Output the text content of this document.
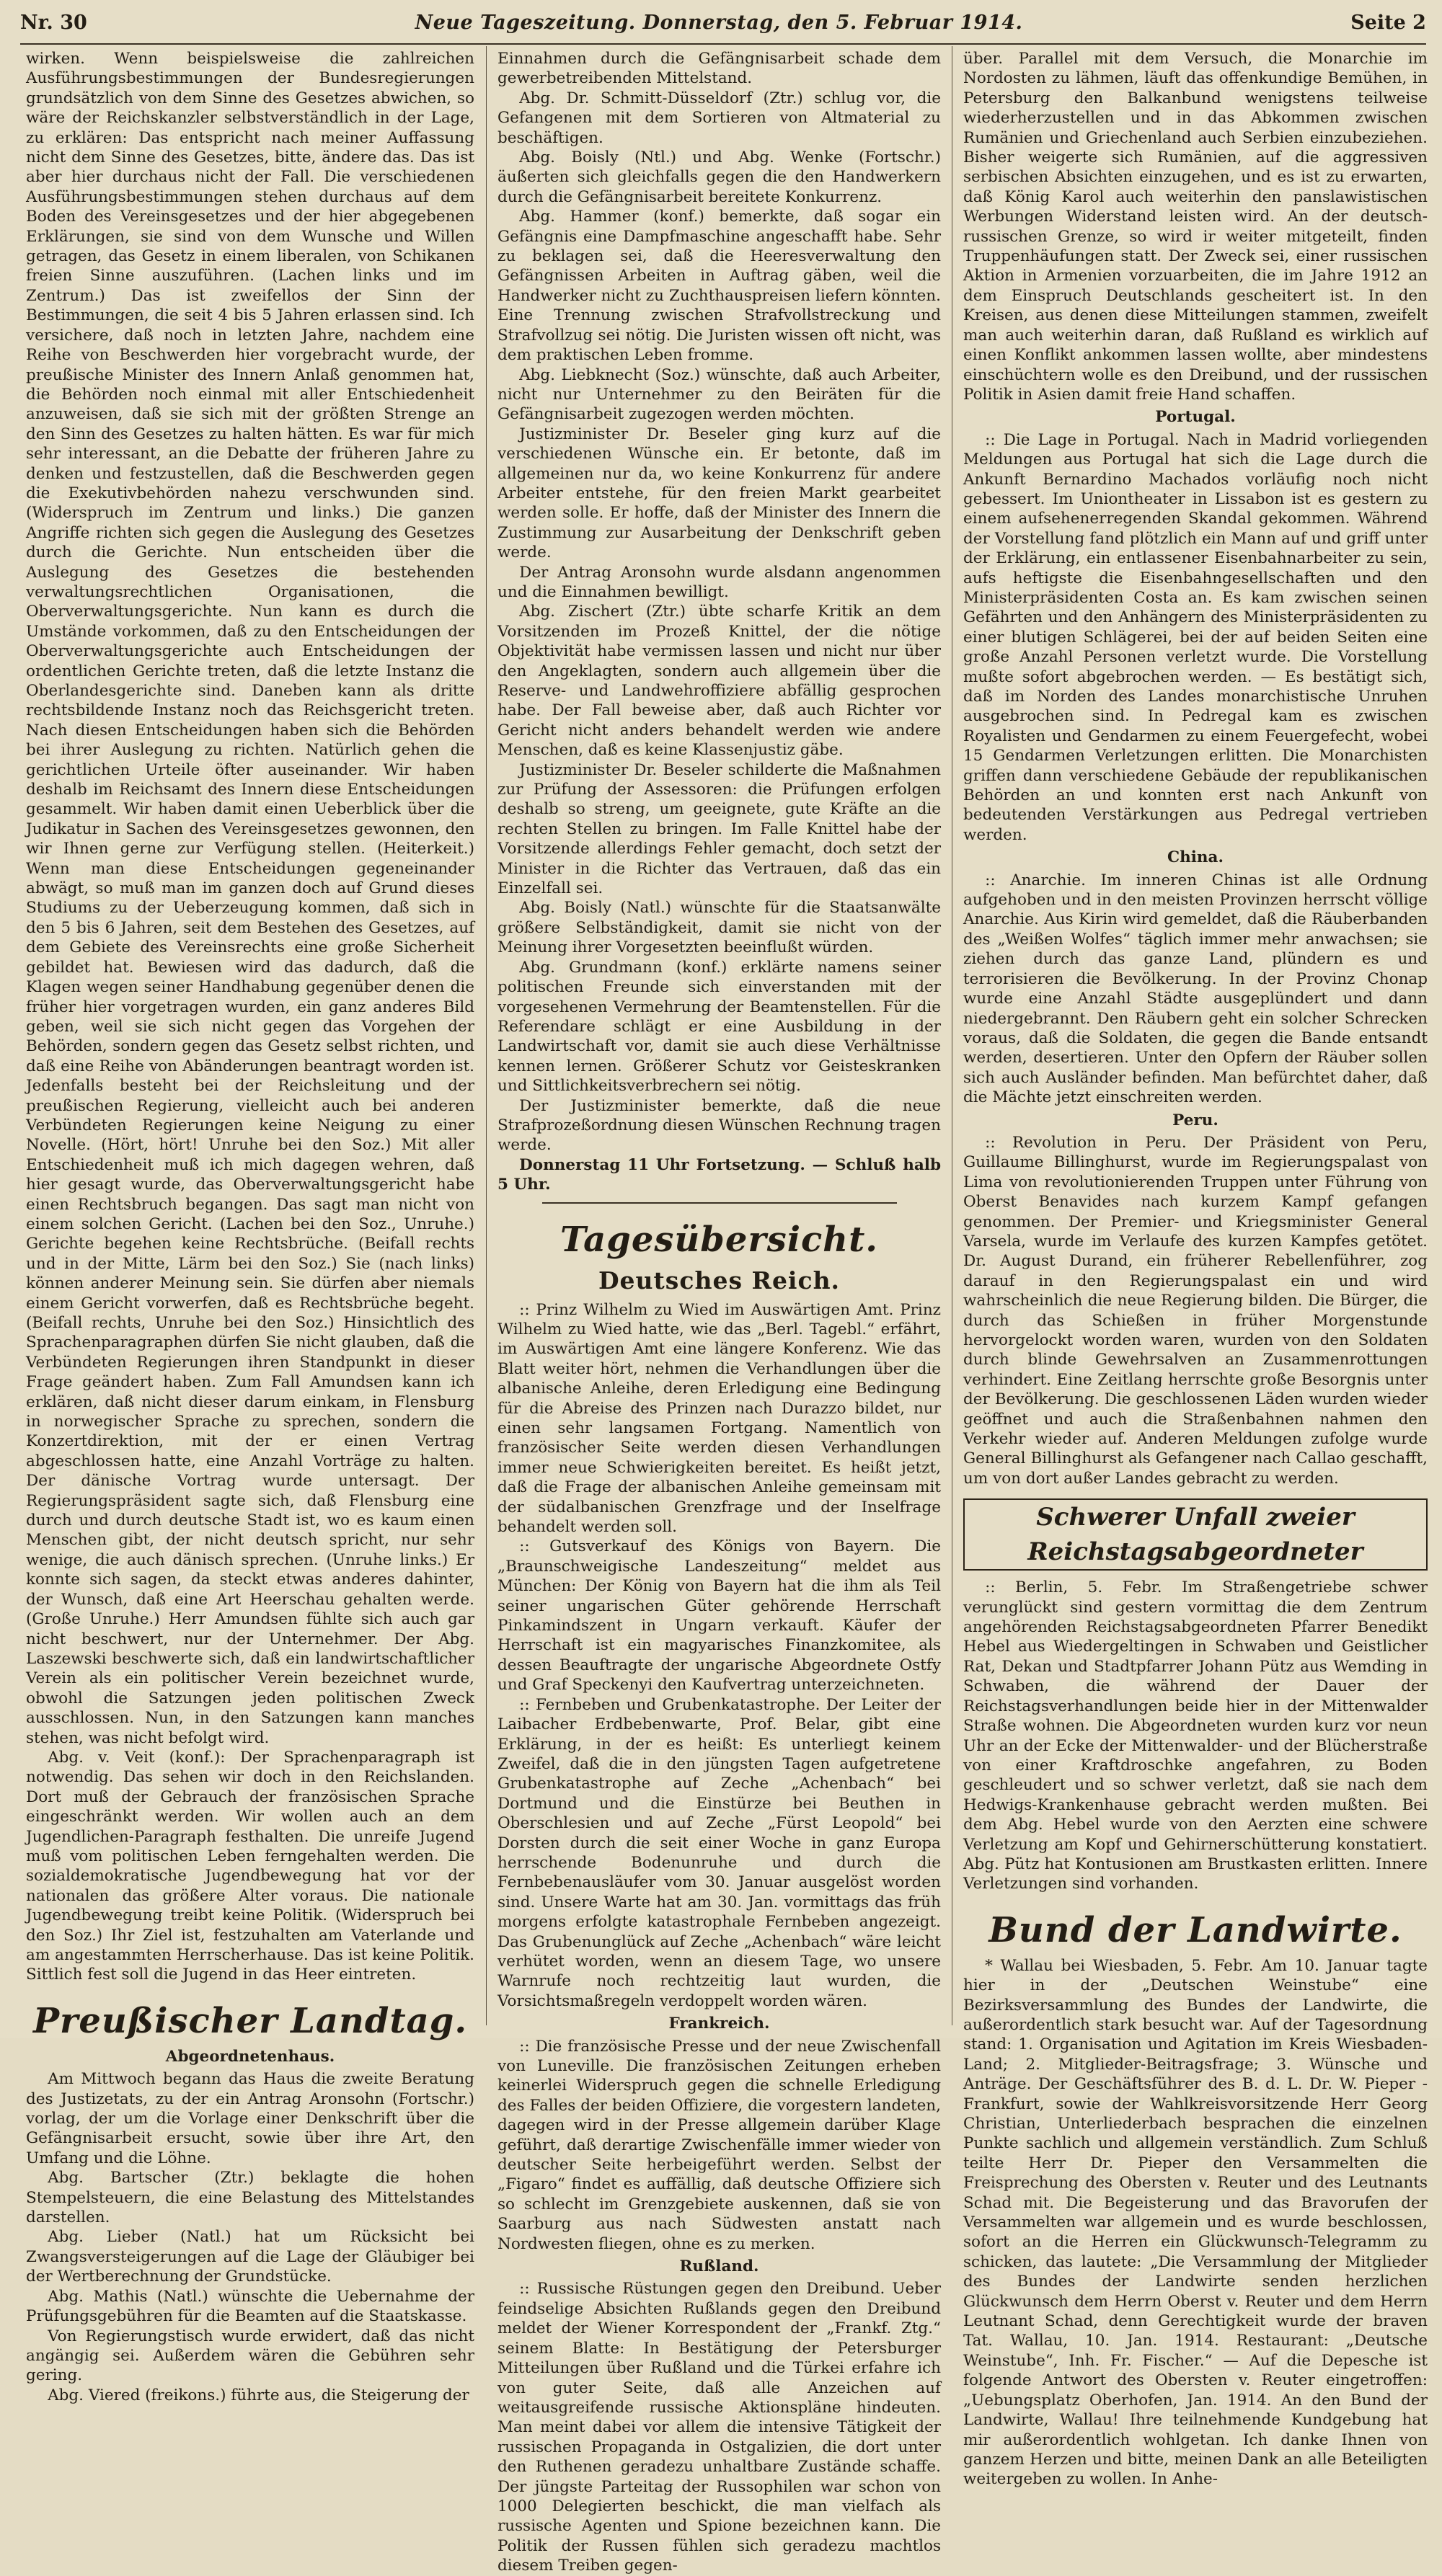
Nr. 30	Neue Tageszeitung. Donnerstag, den 5. Februar 1914.	Seite 2

wirken. Wenn beispielsweise die zahlreichen Ausführungsbestimmungen der Bundesregierungen grundsätzlich von dem Sinne des Gesetzes abwichen, so wäre der Reichskanzler selbstverständlich in der Lage, zu erklären: Das entspricht nach meiner Auffassung nicht dem Sinne des Gesetzes, bitte, ändere das. Das ist aber hier durchaus nicht der Fall. Die verschiedenen Ausführungsbestimmungen stehen durchaus auf dem Boden des Vereinsgesetzes und der hier abgegebenen Erklärungen, sie sind von dem Wunsche und Willen getragen, das Gesetz in einem liberalen, von Schikanen freien Sinne auszuführen. (Lachen links und im Zentrum.) Das ist zweifellos der Sinn der Bestimmungen, die seit 4 bis 5 Jahren erlassen sind. Ich versichere, daß noch in letzten Jahre, nachdem eine Reihe von Beschwerden hier vorgebracht wurde, der preußische Minister des Innern Anlaß genommen hat, die Behörden noch einmal mit aller Entschiedenheit anzuweisen, daß sie sich mit der größten Strenge an den Sinn des Gesetzes zu halten hätten. Es war für mich sehr interessant, an die Debatte der früheren Jahre zu denken und festzustellen, daß die Beschwerden gegen die Exekutivbehörden nahezu verschwunden sind. (Widerspruch im Zentrum und links.) Die ganzen Angriffe richten sich gegen die Auslegung des Gesetzes durch die Gerichte. Nun entscheiden über die Auslegung des Gesetzes die bestehenden verwaltungsrechtlichen Organisationen, die Oberverwaltungsgerichte. Nun kann es durch die Umstände vorkommen, daß zu den Entscheidungen der Oberverwaltungsgerichte auch Entscheidungen der ordentlichen Gerichte treten, daß die letzte Instanz die Oberlandesgerichte sind. Daneben kann als dritte rechtsbildende Instanz noch das Reichsgericht treten. Nach diesen Entscheidungen haben sich die Behörden bei ihrer Auslegung zu richten. Natürlich gehen die gerichtlichen Urteile öfter auseinander. Wir haben deshalb im Reichsamt des Innern diese Entscheidungen gesammelt. Wir haben damit einen Ueberblick über die Judikatur in Sachen des Vereinsgesetzes gewonnen, den wir Ihnen gerne zur Verfügung stellen. (Heiterkeit.) Wenn man diese Entscheidungen gegeneinander abwägt, so muß man im ganzen doch auf Grund dieses Studiums zu der Ueberzeugung kommen, daß sich in den 5 bis 6 Jahren, seit dem Bestehen des Gesetzes, auf dem Gebiete des Vereinsrechts eine große Sicherheit gebildet hat. Bewiesen wird das dadurch, daß die Klagen wegen seiner Handhabung gegenüber denen die früher hier vorgetragen wurden, ein ganz anderes Bild geben, weil sie sich nicht gegen das Vorgehen der Behörden, sondern gegen das Gesetz selbst richten, und daß eine Reihe von Abänderungen beantragt worden ist. Jedenfalls besteht bei der Reichsleitung und der preußischen Regierung, vielleicht auch bei anderen Verbündeten Regierungen keine Neigung zu einer Novelle. (Hört, hört! Unruhe bei den Soz.) Mit aller Entschiedenheit muß ich mich dagegen wehren, daß hier gesagt wurde, das Oberverwaltungsgericht habe einen Rechtsbruch begangen. Das sagt man nicht von einem solchen Gericht. (Lachen bei den Soz., Unruhe.) Gerichte begehen keine Rechtsbrüche. (Beifall rechts und in der Mitte, Lärm bei den Soz.) Sie (nach links) können anderer Meinung sein. Sie dürfen aber niemals einem Gericht vorwerfen, daß es Rechtsbrüche begeht. (Beifall rechts, Unruhe bei den Soz.) Hinsichtlich des Sprachenparagraphen dürfen Sie nicht glauben, daß die Verbündeten Regierungen ihren Standpunkt in dieser Frage geändert haben. Zum Fall Amundsen kann ich erklären, daß nicht dieser darum einkam, in Flensburg in norwegischer Sprache zu sprechen, sondern die Konzertdirektion, mit der er einen Vertrag abgeschlossen hatte, eine Anzahl Vorträge zu halten. Der dänische Vortrag wurde untersagt. Der Regierungspräsident sagte sich, daß Flensburg eine durch und durch deutsche Stadt ist, wo es kaum einen Menschen gibt, der nicht deutsch spricht, nur sehr wenige, die auch dänisch sprechen. (Unruhe links.) Er konnte sich sagen, da steckt etwas anderes dahinter, der Wunsch, daß eine Art Heerschau gehalten werde. (Große Unruhe.) Herr Amundsen fühlte sich auch gar nicht beschwert, nur der Unternehmer. Der Abg. Laszewski beschwerte sich, daß ein landwirtschaftlicher Verein als ein politischer Verein bezeichnet wurde, obwohl die Satzungen jeden politischen Zweck ausschlossen. Nun, in den Satzungen kann manches stehen, was nicht befolgt wird.

Abg. v. Veit (konf.): Der Sprachenparagraph ist notwendig. Das sehen wir doch in den Reichslanden. Dort muß der Gebrauch der französischen Sprache eingeschränkt werden. Wir wollen auch an dem Jugendlichen-Paragraph festhalten. Die unreife Jugend muß vom politischen Leben ferngehalten werden. Die sozialdemokratische Jugendbewegung hat vor der nationalen das größere Alter voraus. Die nationale Jugendbewegung treibt keine Politik. (Widerspruch bei den Soz.) Ihr Ziel ist, festzuhalten am Vaterlande und am angestammten Herrscherhause. Das ist keine Politik. Sittlich fest soll die Jugend in das Heer eintreten.

Preußischer Landtag.

Abgeordnetenhaus.

Am Mittwoch begann das Haus die zweite Beratung des Justizetats, zu der ein Antrag Aronsohn (Fortschr.) vorlag, der um die Vorlage einer Denkschrift über die Gefängnisarbeit ersucht, sowie über ihre Art, den Umfang und die Löhne.

Abg. Bartscher (Ztr.) beklagte die hohen Stempelsteuern, die eine Belastung des Mittelstandes darstellen.

Abg. Lieber (Natl.) hat um Rücksicht bei Zwangsversteigerungen auf die Lage der Gläubiger bei der Wertberechnung der Grundstücke.

Abg. Mathis (Natl.) wünschte die Uebernahme der Prüfungsgebühren für die Beamten auf die Staatskasse.

Von Regierungstisch wurde erwidert, daß das nicht angängig sei. Außerdem wären die Gebühren sehr gering.

Abg. Viered (freikons.) führte aus, die Steigerung der

Einnahmen durch die Gefängnisarbeit schade dem gewerbetreibenden Mittelstand.

Abg. Dr. Schmitt-Düsseldorf (Ztr.) schlug vor, die Gefangenen mit dem Sortieren von Altmaterial zu beschäftigen.

Abg. Boisly (Ntl.) und Abg. Wenke (Fortschr.) äußerten sich gleichfalls gegen die den Handwerkern durch die Gefängnisarbeit bereitete Konkurrenz.

Abg. Hammer (konf.) bemerkte, daß sogar ein Gefängnis eine Dampfmaschine angeschafft habe. Sehr zu beklagen sei, daß die Heeresverwaltung den Gefängnissen Arbeiten in Auftrag gäben, weil die Handwerker nicht zu Zuchthauspreisen liefern könnten. Eine Trennung zwischen Strafvollstreckung und Strafvollzug sei nötig. Die Juristen wissen oft nicht, was dem praktischen Leben fromme.

Abg. Liebknecht (Soz.) wünschte, daß auch Arbeiter, nicht nur Unternehmer zu den Beiräten für die Gefängnisarbeit zugezogen werden möchten.

Justizminister Dr. Beseler ging kurz auf die verschiedenen Wünsche ein. Er betonte, daß im allgemeinen nur da, wo keine Konkurrenz für andere Arbeiter entstehe, für den freien Markt gearbeitet werden solle. Er hoffe, daß der Minister des Innern die Zustimmung zur Ausarbeitung der Denkschrift geben werde.

Der Antrag Aronsohn wurde alsdann angenommen und die Einnahmen bewilligt.

Abg. Zischert (Ztr.) übte scharfe Kritik an dem Vorsitzenden im Prozeß Knittel, der die nötige Objektivität habe vermissen lassen und nicht nur über den Angeklagten, sondern auch allgemein über die Reserve- und Landwehroffiziere abfällig gesprochen habe. Der Fall beweise aber, daß auch Richter vor Gericht nicht anders behandelt werden wie andere Menschen, daß es keine Klassenjustiz gäbe.

Justizminister Dr. Beseler schilderte die Maßnahmen zur Prüfung der Assessoren: die Prüfungen erfolgen deshalb so streng, um geeignete, gute Kräfte an die rechten Stellen zu bringen. Im Falle Knittel habe der Vorsitzende allerdings Fehler gemacht, doch setzt der Minister in die Richter das Vertrauen, daß das ein Einzelfall sei.

Abg. Boisly (Natl.) wünschte für die Staatsanwälte größere Selbständigkeit, damit sie nicht von der Meinung ihrer Vorgesetzten beeinflußt würden.

Abg. Grundmann (konf.) erklärte namens seiner politischen Freunde sich einverstanden mit der vorgesehenen Vermehrung der Beamtenstellen. Für die Referendare schlägt er eine Ausbildung in der Landwirtschaft vor, damit sie auch diese Verhältnisse kennen lernen. Größerer Schutz vor Geisteskranken und Sittlichkeitsverbrechern sei nötig.

Der Justizminister bemerkte, daß die neue Strafprozeßordnung diesen Wünschen Rechnung tragen werde.

Donnerstag 11 Uhr Fortsetzung. — Schluß halb 5 Uhr.

Tagesübersicht.
Deutsches Reich.

:: Prinz Wilhelm zu Wied im Auswärtigen Amt. Prinz Wilhelm zu Wied hatte, wie das „Berl. Tagebl.“ erfährt, im Auswärtigen Amt eine längere Konferenz. Wie das Blatt weiter hört, nehmen die Verhandlungen über die albanische Anleihe, deren Erledigung eine Bedingung für die Abreise des Prinzen nach Durazzo bildet, nur einen sehr langsamen Fortgang. Namentlich von französischer Seite werden diesen Verhandlungen immer neue Schwierigkeiten bereitet. Es heißt jetzt, daß die Frage der albanischen Anleihe gemeinsam mit der südalbanischen Grenzfrage und der Inselfrage behandelt werden soll.

:: Gutsverkauf des Königs von Bayern. Die „Braunschweigische Landeszeitung“ meldet aus München: Der König von Bayern hat die ihm als Teil seiner ungarischen Güter gehörende Herrschaft Pinkamindszent in Ungarn verkauft. Käufer der Herrschaft ist ein magyarisches Finanzkomitee, als dessen Beauftragte der ungarische Abgeordnete Ostfy und Graf Speckenyi den Kaufvertrag unterzeichneten.

:: Fernbeben und Grubenkatastrophe. Der Leiter der Laibacher Erdbebenwarte, Prof. Belar, gibt eine Erklärung, in der es heißt: Es unterliegt keinem Zweifel, daß die in den jüngsten Tagen aufgetretene Grubenkatastrophe auf Zeche „Achenbach“ bei Dortmund und die Einstürze bei Beuthen in Oberschlesien und auf Zeche „Fürst Leopold“ bei Dorsten durch die seit einer Woche in ganz Europa herrschende Bodenunruhe und durch die Fernbebenausläufer vom 30. Januar ausgelöst worden sind. Unsere Warte hat am 30. Jan. vormittags das früh morgens erfolgte katastrophale Fernbeben angezeigt. Das Grubenunglück auf Zeche „Achenbach“ wäre leicht verhütet worden, wenn an diesem Tage, wo unsere Warnrufe noch rechtzeitig laut wurden, die Vorsichtsmaßregeln verdoppelt worden wären.

Frankreich.

:: Die französische Presse und der neue Zwischenfall von Luneville. Die französischen Zeitungen erheben keinerlei Widerspruch gegen die schnelle Erledigung des Falles der beiden Offiziere, die vorgestern landeten, dagegen wird in der Presse allgemein darüber Klage geführt, daß derartige Zwischenfälle immer wieder von deutscher Seite herbeigeführt werden. Selbst der „Figaro“ findet es auffällig, daß deutsche Offiziere sich so schlecht im Grenzgebiete auskennen, daß sie von Saarburg aus nach Südwesten anstatt nach Nordwesten fliegen, ohne es zu merken.

Rußland.

:: Russische Rüstungen gegen den Dreibund. Ueber feindselige Absichten Rußlands gegen den Dreibund meldet der Wiener Korrespondent der „Frankf. Ztg.“ seinem Blatte: In Bestätigung der Petersburger Mitteilungen über Rußland und die Türkei erfahre ich von guter Seite, daß alle Anzeichen auf weitausgreifende russische Aktionspläne hindeuten. Man meint dabei vor allem die intensive Tätigkeit der russischen Propaganda in Ostgalizien, die dort unter den Ruthenen geradezu unhaltbare Zustände schaffe. Der jüngste Parteitag der Russophilen war schon von 1000 Delegierten beschickt, die man vielfach als russische Agenten und Spione bezeichnen kann. Die Politik der Russen fühlen sich geradezu machtlos diesem Treiben gegen-

über. Parallel mit dem Versuch, die Monarchie im Nordosten zu lähmen, läuft das offenkundige Bemühen, in Petersburg den Balkanbund wenigstens teilweise wiederherzustellen und in das Abkommen zwischen Rumänien und Griechenland auch Serbien einzubeziehen. Bisher weigerte sich Rumänien, auf die aggressiven serbischen Absichten einzugehen, und es ist zu erwarten, daß König Karol auch weiterhin den panslawistischen Werbungen Widerstand leisten wird. An der deutsch-russischen Grenze, so wird ir weiter mitgeteilt, finden Truppenhäufungen statt. Der Zweck sei, einer russischen Aktion in Armenien vorzuarbeiten, die im Jahre 1912 an dem Einspruch Deutschlands gescheitert ist. In den Kreisen, aus denen diese Mitteilungen stammen, zweifelt man auch weiterhin daran, daß Rußland es wirklich auf einen Konflikt ankommen lassen wollte, aber mindestens einschüchtern wolle es den Dreibund, und der russischen Politik in Asien damit freie Hand schaffen.

Portugal.

:: Die Lage in Portugal. Nach in Madrid vorliegenden Meldungen aus Portugal hat sich die Lage durch die Ankunft Bernardino Machados vorläufig noch nicht gebessert. Im Uniontheater in Lissabon ist es gestern zu einem aufsehenerregenden Skandal gekommen. Während der Vorstellung fand plötzlich ein Mann auf und griff unter der Erklärung, ein entlassener Eisenbahnarbeiter zu sein, aufs heftigste die Eisenbahngesellschaften und den Ministerpräsidenten Costa an. Es kam zwischen seinen Gefährten und den Anhängern des Ministerpräsidenten zu einer blutigen Schlägerei, bei der auf beiden Seiten eine große Anzahl Personen verletzt wurde. Die Vorstellung mußte sofort abgebrochen werden. — Es bestätigt sich, daß im Norden des Landes monarchistische Unruhen ausgebrochen sind. In Pedregal kam es zwischen Royalisten und Gendarmen zu einem Feuergefecht, wobei 15 Gendarmen Verletzungen erlitten. Die Monarchisten griffen dann verschiedene Gebäude der republikanischen Behörden an und konnten erst nach Ankunft von bedeutenden Verstärkungen aus Pedregal vertrieben werden.

China.

:: Anarchie. Im inneren Chinas ist alle Ordnung aufgehoben und in den meisten Provinzen herrscht völlige Anarchie. Aus Kirin wird gemeldet, daß die Räuberbanden des „Weißen Wolfes“ täglich immer mehr anwachsen; sie ziehen durch das ganze Land, plündern es und terrorisieren die Bevölkerung. In der Provinz Chonap wurde eine Anzahl Städte ausgeplündert und dann niedergebrannt. Den Räubern geht ein solcher Schrecken voraus, daß die Soldaten, die gegen die Bande entsandt werden, desertieren. Unter den Opfern der Räuber sollen sich auch Ausländer befinden. Man befürchtet daher, daß die Mächte jetzt einschreiten werden.

Peru.

:: Revolution in Peru. Der Präsident von Peru, Guillaume Billinghurst, wurde im Regierungspalast von Lima von revolutionierenden Truppen unter Führung von Oberst Benavides nach kurzem Kampf gefangen genommen. Der Premier- und Kriegsminister General Varsela, wurde im Verlaufe des kurzen Kampfes getötet. Dr. August Durand, ein früherer Rebellenführer, zog darauf in den Regierungspalast ein und wird wahrscheinlich die neue Regierung bilden. Die Bürger, die durch das Schießen in früher Morgenstunde hervorgelockt worden waren, wurden von den Soldaten durch blinde Gewehrsalven an Zusammenrottungen verhindert. Eine Zeitlang herrschte große Besorgnis unter der Bevölkerung. Die geschlossenen Läden wurden wieder geöffnet und auch die Straßenbahnen nahmen den Verkehr wieder auf. Anderen Meldungen zufolge wurde General Billinghurst als Gefangener nach Callao geschafft, um von dort außer Landes gebracht zu werden.

Schwerer Unfall zweier Reichstagsabgeordneter

:: Berlin, 5. Febr. Im Straßengetriebe schwer verunglückt sind gestern vormittag die dem Zentrum angehörenden Reichstagsabgeordneten Pfarrer Benedikt Hebel aus Wiedergeltingen in Schwaben und Geistlicher Rat, Dekan und Stadtpfarrer Johann Pütz aus Wemding in Schwaben, die während der Dauer der Reichstagsverhandlungen beide hier in der Mittenwalder Straße wohnen. Die Abgeordneten wurden kurz vor neun Uhr an der Ecke der Mittenwalder- und der Blücherstraße von einer Kraftdroschke angefahren, zu Boden geschleudert und so schwer verletzt, daß sie nach dem Hedwigs-Krankenhause gebracht werden mußten. Bei dem Abg. Hebel wurde von den Aerzten eine schwere Verletzung am Kopf und Gehirnerschütterung konstatiert. Abg. Pütz hat Kontusionen am Brustkasten erlitten. Innere Verletzungen sind vorhanden.

Bund der Landwirte.

* Wallau bei Wiesbaden, 5. Febr. Am 10. Januar tagte hier in der „Deutschen Weinstube“ eine Bezirksversammlung des Bundes der Landwirte, die außerordentlich stark besucht war. Auf der Tagesordnung stand: 1. Organisation und Agitation im Kreis Wiesbaden-Land; 2. Mitglieder-Beitragsfrage; 3. Wünsche und Anträge. Der Geschäftsführer des B. d. L. Dr. W. Pieper - Frankfurt, sowie der Wahlkreisvorsitzende Herr Georg Christian, Unterliederbach besprachen die einzelnen Punkte sachlich und allgemein verständlich. Zum Schluß teilte Herr Dr. Pieper den Versammelten die Freisprechung des Obersten v. Reuter und des Leutnants Schad mit. Die Begeisterung und das Bravorufen der Versammelten war allgemein und es wurde beschlossen, sofort an die Herren ein Glückwunsch-Telegramm zu schicken, das lautete: „Die Versammlung der Mitglieder des Bundes der Landwirte senden herzlichen Glückwunsch dem Herrn Oberst v. Reuter und dem Herrn Leutnant Schad, denn Gerechtigkeit wurde der braven Tat. Wallau, 10. Jan. 1914. Restaurant: „Deutsche Weinstube“, Inh. Fr. Fischer.“ — Auf die Depesche ist folgende Antwort des Obersten v. Reuter eingetroffen: „Uebungsplatz Oberhofen, Jan. 1914. An den Bund der Landwirte, Wallau! Ihre teilnehmende Kundgebung hat mir außerordentlich wohlgetan. Ich danke Ihnen von ganzem Herzen und bitte, meinen Dank an alle Beteiligten weitergeben zu wollen. In Anhe-
